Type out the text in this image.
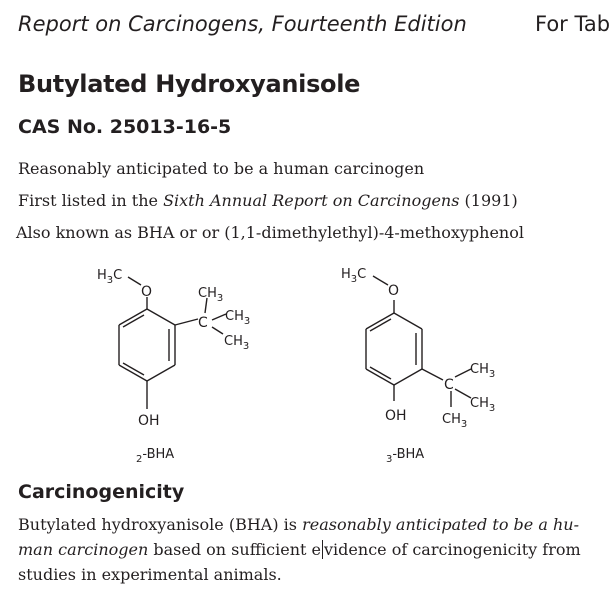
Report on Carcinogens, Fourteenth Edition	For Tab
Butylated Hydroxyanisole
CAS No. 25013-16-5

Reasonably anticipated to be a human carcinogen

First listed in the Sixth Annual Report on Carcinogens (1991)

Also known as BHA or or (1,1-dimethylethyl)-4-methoxyphenol

$H_3C$
O	$CH_3$
C $CH_3$
$CH_3$
OH
$_2$-BHA
$H_3C$
O
C
$CH_3$
$CH_3$
$CH_3$
OH
$_3$-BHA
Carcinogenicity

Butylated hydroxyanisole (BHA) is reasonably anticipated to be a hu-
man carcinogen based on sufficient e vidence of carcinogenicity from
studies in experimental animals.
